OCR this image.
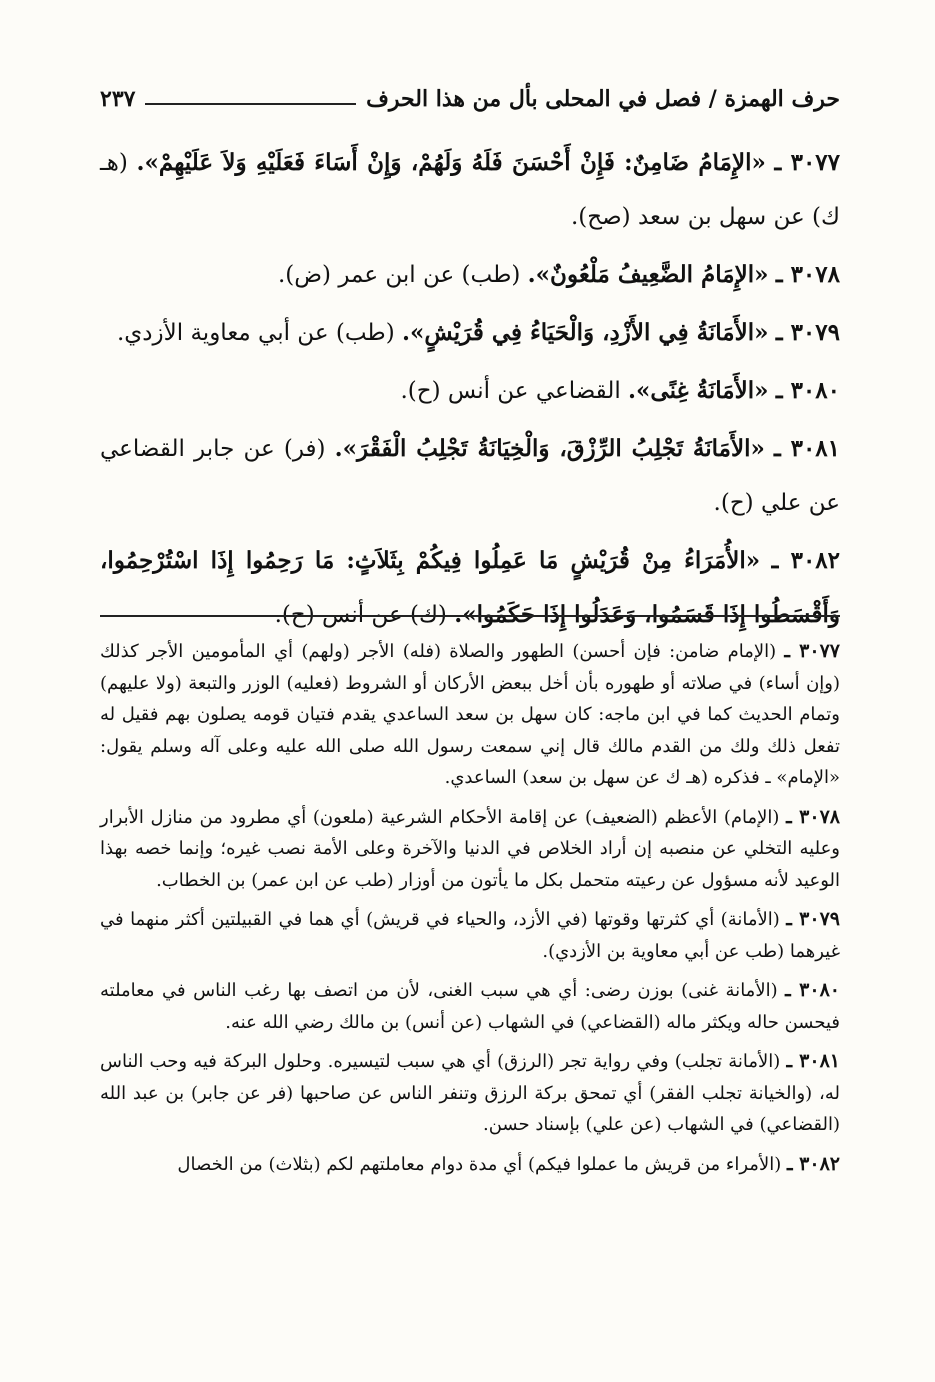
حرف الهمزة / فصل في المحلى بأل من هذا الحرف
٢٣٧

٣٠٧٧ ـ «الإِمَامُ ضَامِنٌ: فَإِنْ أَحْسَنَ فَلَهُ وَلَهُمْ، وَإِنْ أَسَاءَ فَعَلَيْهِ وَلاَ عَلَيْهِمْ». (هـ ك) عن سهل بن سعد (صح).

٣٠٧٨ ـ «الإِمَامُ الضَّعِيفُ مَلْعُونٌ». (طب) عن ابن عمر (ض).

٣٠٧٩ ـ «الأَمَانَةُ فِي الأَزْدِ، وَالْحَيَاءُ فِي قُرَيْشٍ». (طب) عن أبي معاوية الأزدي.

٣٠٨٠ ـ «الأَمَانَةُ غِنًى». القضاعي عن أنس (ح).

٣٠٨١ ـ «الأَمَانَةُ تَجْلِبُ الرِّزْقَ، وَالْخِيَانَةُ تَجْلِبُ الْفَقْرَ». (فر) عن جابر القضاعي عن علي (ح).

٣٠٨٢ ـ «الأُمَرَاءُ مِنْ قُرَيْشٍ مَا عَمِلُوا فِيكُمْ بِثَلاَثٍ: مَا رَحِمُوا إِذَا اسْتُرْحِمُوا، وَأَقْسَطُوا إِذَا قَسَمُوا، وَعَدَلُوا إِذَا حَكَمُوا». (ك) عن أنس (ح).

٣٠٧٧ ـ (الإمام ضامن: فإن أحسن) الطهور والصلاة (فله) الأجر (ولهم) أي المأمومين الأجر كذلك (وإن أساء) في صلاته أو طهوره بأن أخل ببعض الأركان أو الشروط (فعليه) الوزر والتبعة (ولا عليهم) وتمام الحديث كما في ابن ماجه: كان سهل بن سعد الساعدي يقدم فتيان قومه يصلون بهم فقيل له تفعل ذلك ولك من القدم مالك قال إني سمعت رسول الله صلى الله عليه وعلى آله وسلم يقول: «الإمام» ـ فذكره (هـ ك عن سهل بن سعد) الساعدي.

٣٠٧٨ ـ (الإمام) الأعظم (الضعيف) عن إقامة الأحكام الشرعية (ملعون) أي مطرود من منازل الأبرار وعليه التخلي عن منصبه إن أراد الخلاص في الدنيا والآخرة وعلى الأمة نصب غيره؛ وإنما خصه بهذا الوعيد لأنه مسؤول عن رعيته متحمل بكل ما يأتون من أوزار (طب عن ابن عمر) بن الخطاب.

٣٠٧٩ ـ (الأمانة) أي كثرتها وقوتها (في الأزد، والحياء في قريش) أي هما في القبيلتين أكثر منهما في غيرهما (طب عن أبي معاوية بن الأزدي).

٣٠٨٠ ـ (الأمانة غنى) بوزن رضى: أي هي سبب الغنى، لأن من اتصف بها رغب الناس في معاملته فيحسن حاله ويكثر ماله (القضاعي) في الشهاب (عن أنس) بن مالك رضي الله عنه.

٣٠٨١ ـ (الأمانة تجلب) وفي رواية تجر (الرزق) أي هي سبب لتيسيره. وحلول البركة فيه وحب الناس له، (والخيانة تجلب الفقر) أي تمحق بركة الرزق وتنفر الناس عن صاحبها (فر عن جابر) بن عبد الله (القضاعي) في الشهاب (عن علي) بإسناد حسن.

٣٠٨٢ ـ (الأمراء من قريش ما عملوا فيكم) أي مدة دوام معاملتهم لكم (بثلاث) من الخصال
